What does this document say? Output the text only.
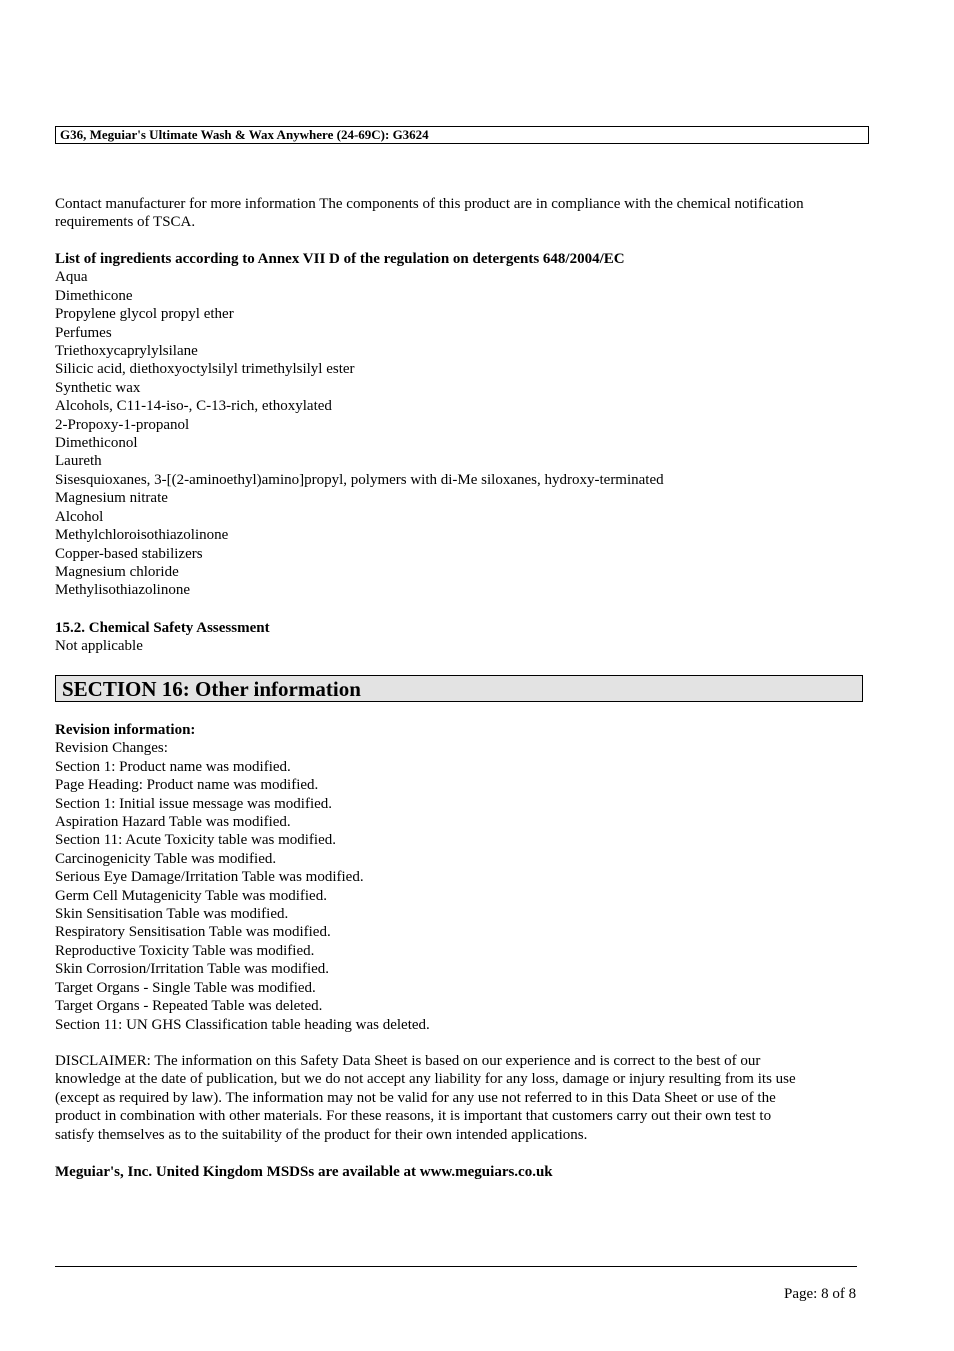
G36, Meguiar's Ultimate Wash & Wax Anywhere (24-69C): G3624
Contact manufacturer for more information The components of this product are in compliance with the chemical notification
requirements of TSCA.
List of ingredients according to Annex VII D of the regulation on detergents 648/2004/EC
Aqua
Dimethicone
Propylene glycol propyl ether
Perfumes
Triethoxycaprylylsilane
Silicic acid, diethoxyoctylsilyl trimethylsilyl ester
Synthetic wax
Alcohols, C11-14-iso-, C-13-rich, ethoxylated
2-Propoxy-1-propanol
Dimethiconol
Laureth
Sisesquioxanes, 3-[(2-aminoethyl)amino]propyl, polymers with di-Me siloxanes, hydroxy-terminated
Magnesium nitrate
Alcohol
Methylchloroisothiazolinone
Copper-based stabilizers
Magnesium chloride
Methylisothiazolinone
15.2. Chemical Safety Assessment
Not applicable
SECTION 16: Other information
Revision information:
Revision Changes:
Section 1: Product name was modified.
Page Heading: Product name was modified.
Section 1: Initial issue message was modified.
Aspiration Hazard Table was modified.
Section 11: Acute Toxicity table was modified.
Carcinogenicity Table was modified.
Serious Eye Damage/Irritation Table was modified.
Germ Cell Mutagenicity Table was modified.
Skin Sensitisation Table was modified.
Respiratory Sensitisation Table was modified.
Reproductive Toxicity Table was modified.
Skin Corrosion/Irritation Table was modified.
Target Organs - Single Table was modified.
Target Organs - Repeated Table was deleted.
Section 11: UN GHS Classification table heading was deleted.
DISCLAIMER: The information on this Safety Data Sheet is based on our experience and is correct to the best of our
knowledge at the date of publication, but we do not accept any liability for any loss, damage or injury resulting from its use
(except as required by law). The information may not be valid for any use not referred to in this Data Sheet or use of the
product in combination with other materials. For these reasons, it is important that customers carry out their own test to
satisfy themselves as to the suitability of the product for their own intended applications.
Meguiar's, Inc. United Kingdom MSDSs are available at www.meguiars.co.uk
Page: 8 of 8
